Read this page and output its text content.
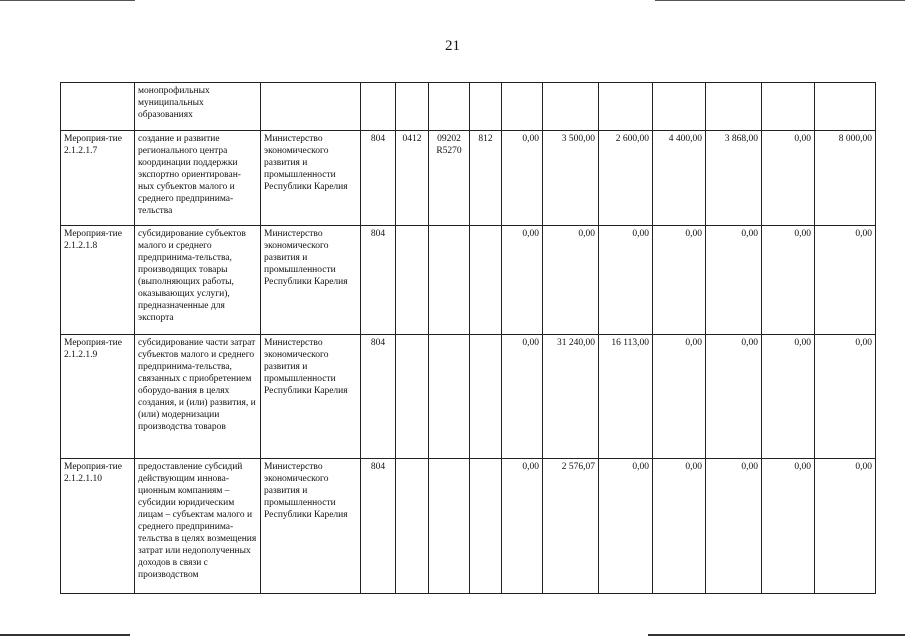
21
	монопрофильных муниципальных образованиях												
Мероприя-тие 2.1.2.1.7	создание и развитие регионального центра координации поддержки экспортно ориентирован-ных субъектов малого и среднего предпринима-тельства	Министерство экономического развития и промышленности Республики Карелия	804	0412	09202 R5270	812	0,00	3 500,00	2 600,00	4 400,00	3 868,00	0,00	8 000,00
Мероприя-тие 2.1.2.1.8	субсидирование субъектов малого и среднего предпринима-тельства, производящих товары (выполняющих работы, оказывающих услуги), предназначенные для экспорта	Министерство экономического развития и промышленности Республики Карелия	804				0,00	0,00	0,00	0,00	0,00	0,00	0,00
Мероприя-тие 2.1.2.1.9	субсидирование части затрат субъектов малого и среднего предпринима-тельства, связанных с приобретением оборудо-вания в целях создания, и (или) развития, и (или) модернизации производства товаров	Министерство экономического развития и промышленности Республики Карелия	804				0,00	31 240,00	16 113,00	0,00	0,00	0,00	0,00
Мероприя-тие 2.1.2.1.10	предоставление субсидий действующим иннова-ционным компаниям – субсидии юридическим лицам – субъектам малого и среднего предпринима-тельства в целях возмещения затрат или недополученных доходов в связи с производством	Министерство экономического развития и промышленности Республики Карелия	804				0,00	2 576,07	0,00	0,00	0,00	0,00	0,00
